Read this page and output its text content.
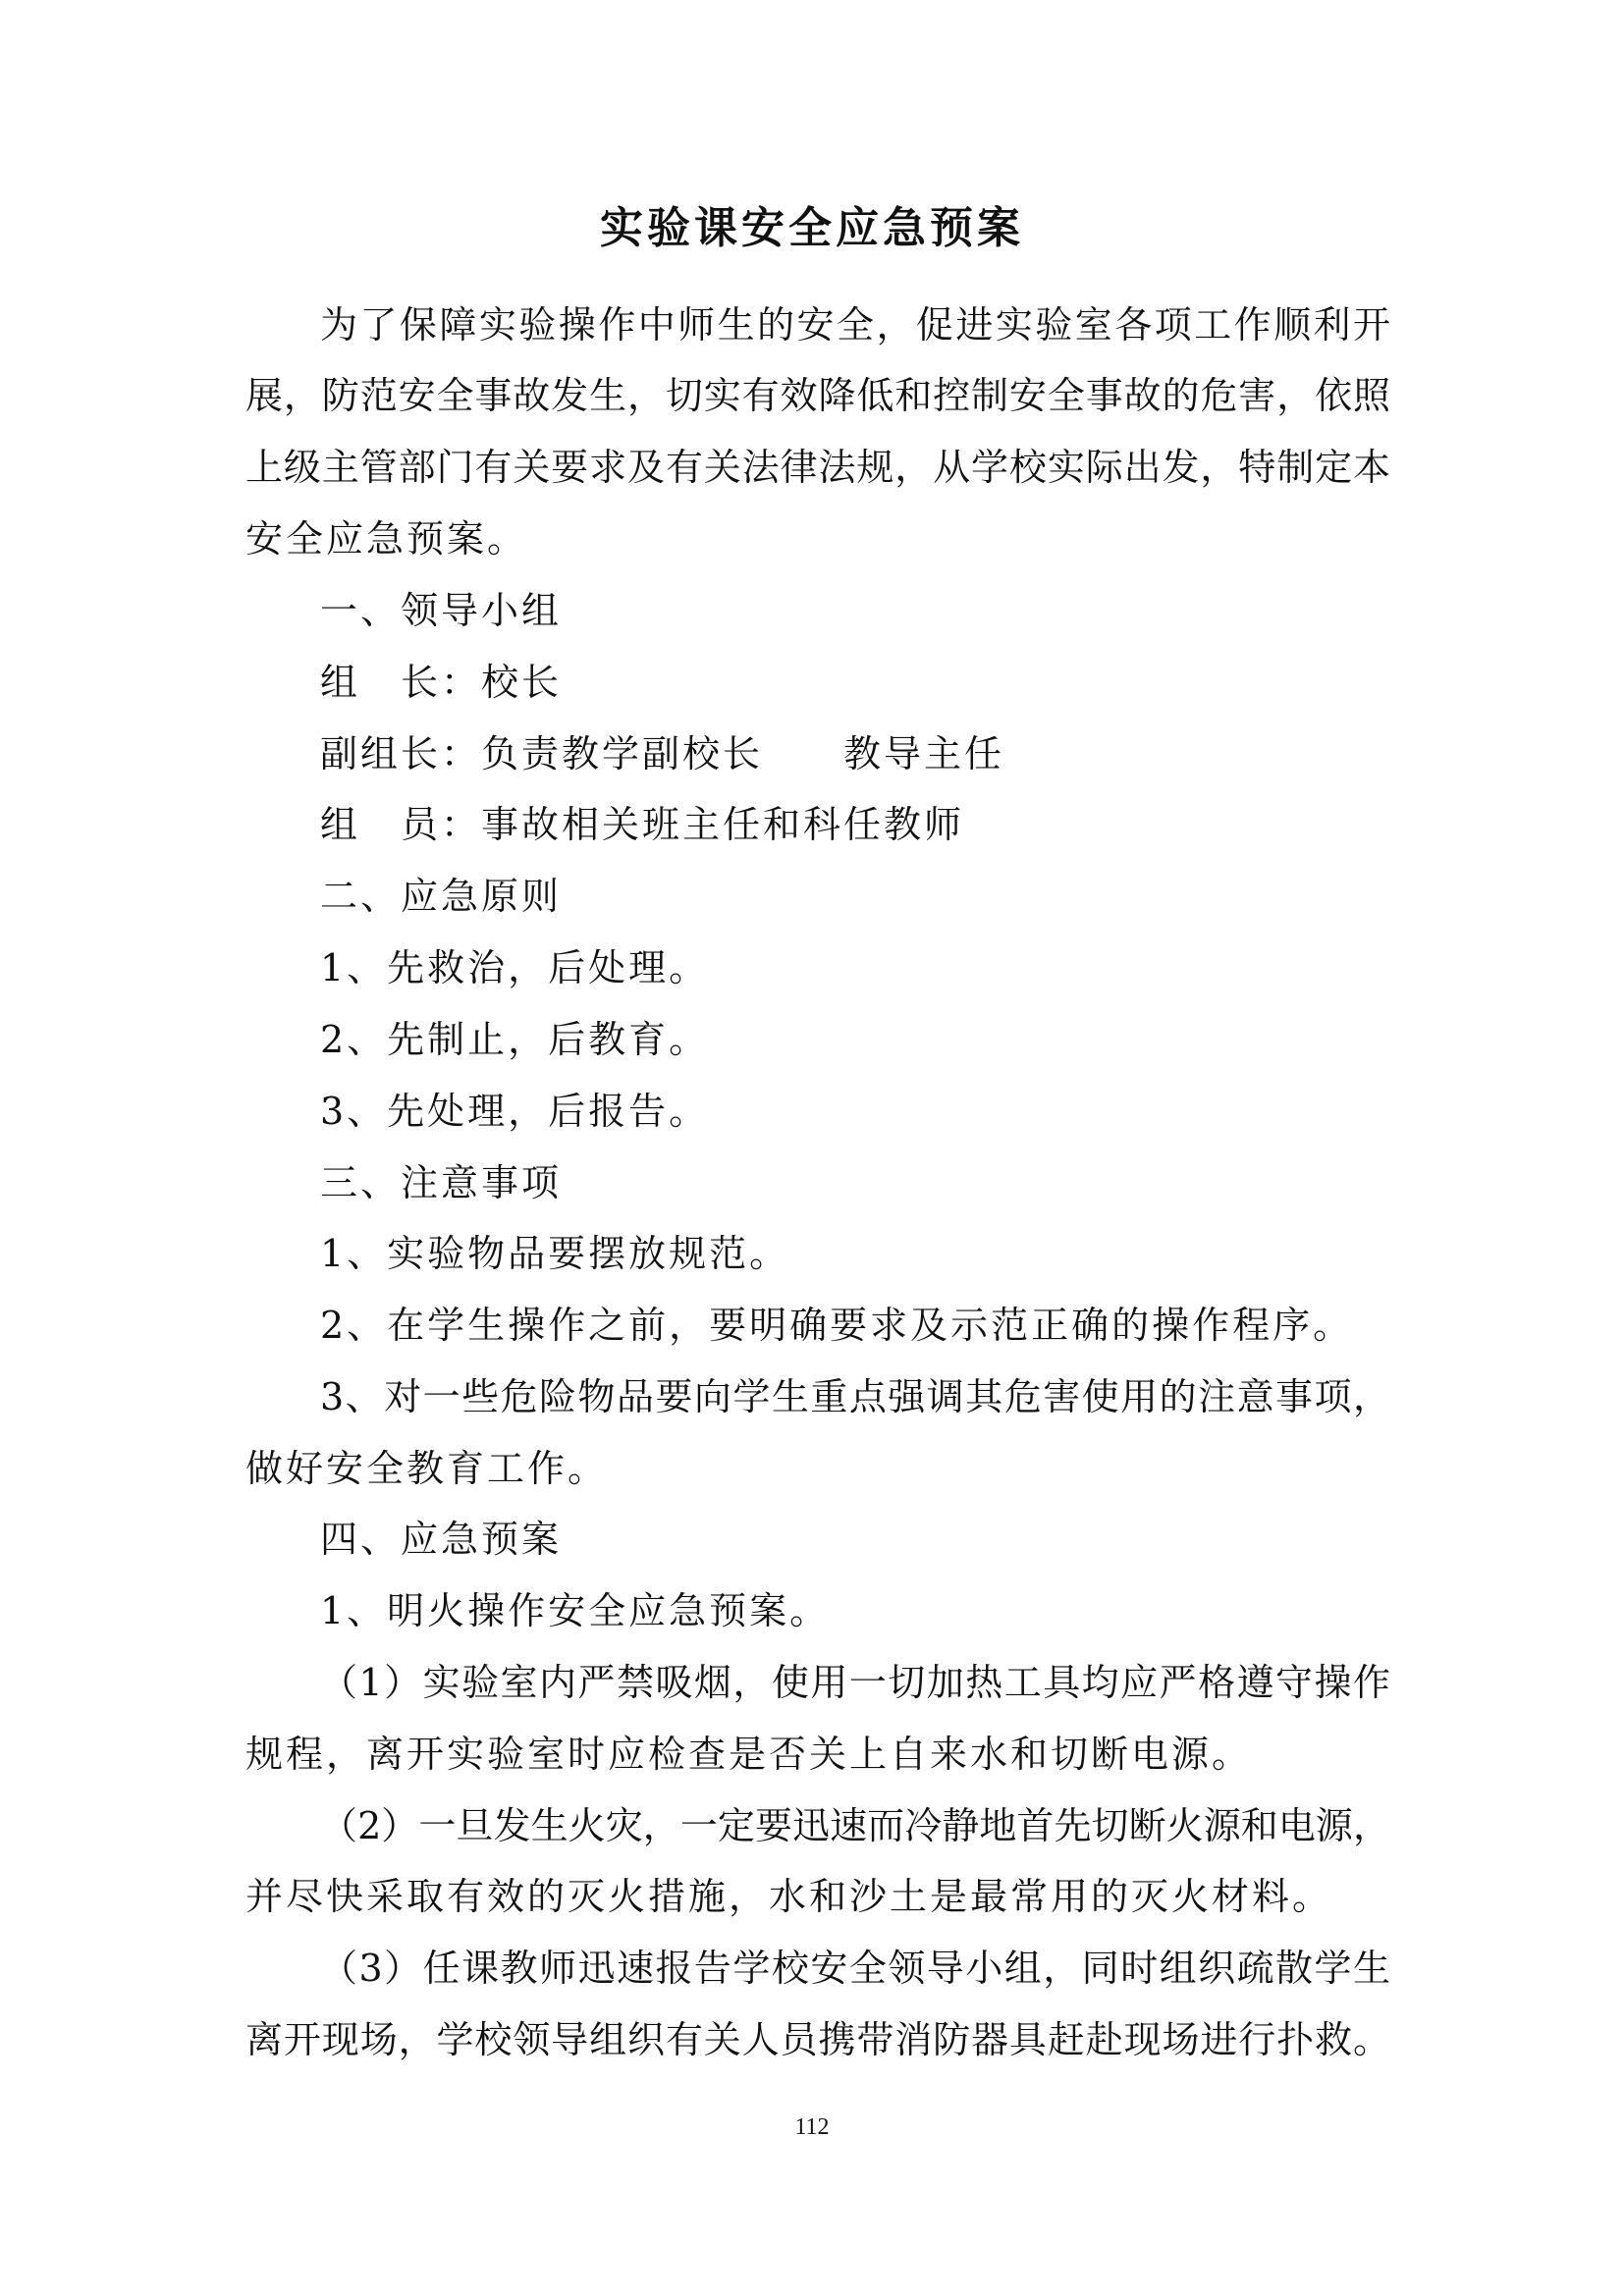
实验课安全应急预案
为了保障实验操作中师生的安全，促进实验室各项工作顺利开
展，防范安全事故发生，切实有效降低和控制安全事故的危害，依照
上级主管部门有关要求及有关法律法规，从学校实际出发，特制定本
安全应急预案。
一、领导小组
组　长：校长
副组长：负责教学副校长　　教导主任
组　员：事故相关班主任和科任教师
二、应急原则
1、先救治，后处理。
2、先制止，后教育。
3、先处理，后报告。
三、注意事项
1、实验物品要摆放规范。
2、在学生操作之前，要明确要求及示范正确的操作程序。
3、对一些危险物品要向学生重点强调其危害使用的注意事项，
做好安全教育工作。
四、应急预案
1、明火操作安全应急预案。
（1）实验室内严禁吸烟，使用一切加热工具均应严格遵守操作
规程，离开实验室时应检查是否关上自来水和切断电源。
（2）一旦发生火灾，一定要迅速而冷静地首先切断火源和电源，
并尽快采取有效的灭火措施，水和沙土是最常用的灭火材料。
（3）任课教师迅速报告学校安全领导小组，同时组织疏散学生
离开现场，学校领导组织有关人员携带消防器具赶赴现场进行扑救。
112
